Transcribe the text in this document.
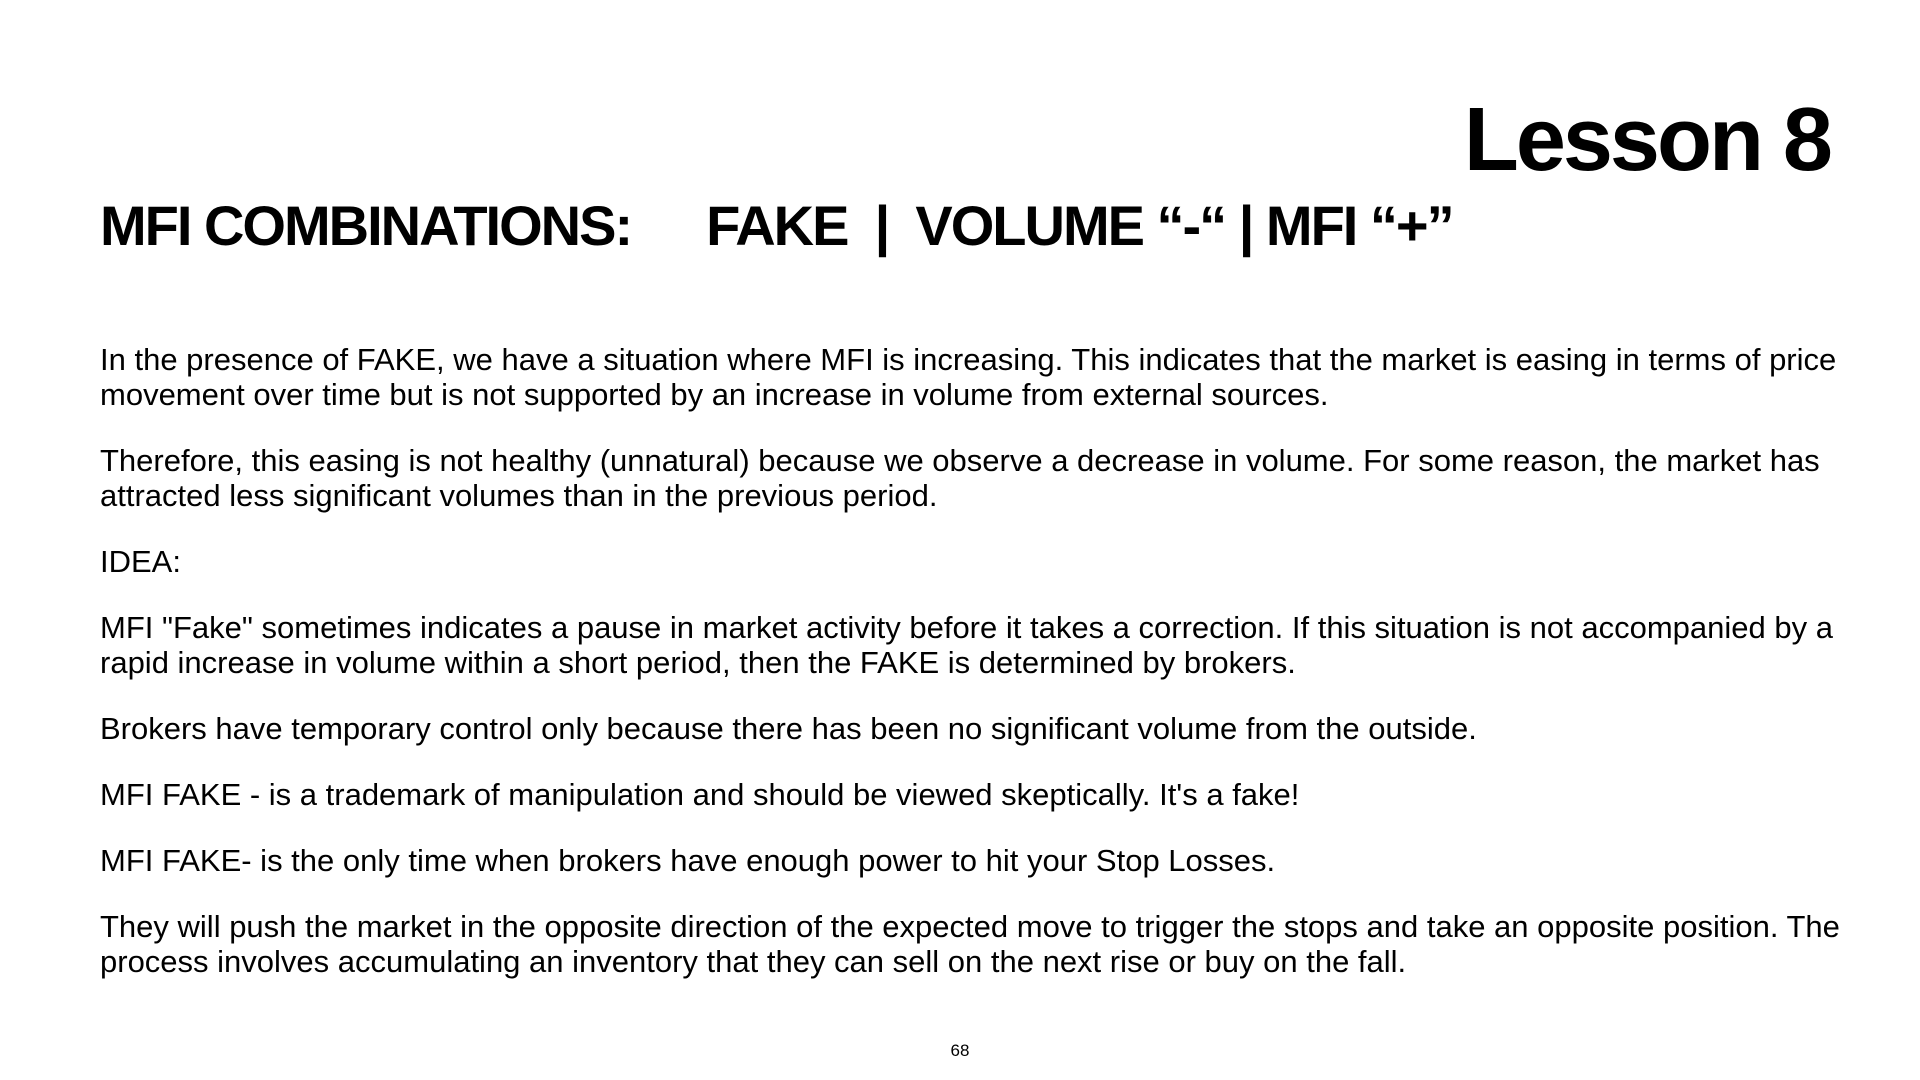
Lesson 8
MFI COMBINATIONS: FAKE  |  VOLUME “-“ | MFI “+”

In the presence of FAKE, we have a situation where MFI is increasing. This indicates that the market is easing in terms of price movement over time but is not supported by an increase in volume from external sources.

Therefore, this easing is not healthy (unnatural) because we observe a decrease in volume. For some reason, the market has attracted less significant volumes than in the previous period.

IDEA:

MFI "Fake" sometimes indicates a pause in market activity before it takes a correction. If this situation is not accompanied by a rapid increase in volume within a short period, then the FAKE is determined by brokers.

Brokers have temporary control only because there has been no significant volume from the outside.

MFI FAKE - is a trademark of manipulation and should be viewed skeptically. It's a fake!

MFI FAKE- is the only time when brokers have enough power to hit your Stop Losses.

They will push the market in the opposite direction of the expected move to trigger the stops and take an opposite position. The process involves accumulating an inventory that they can sell on the next rise or buy on the fall.

68
